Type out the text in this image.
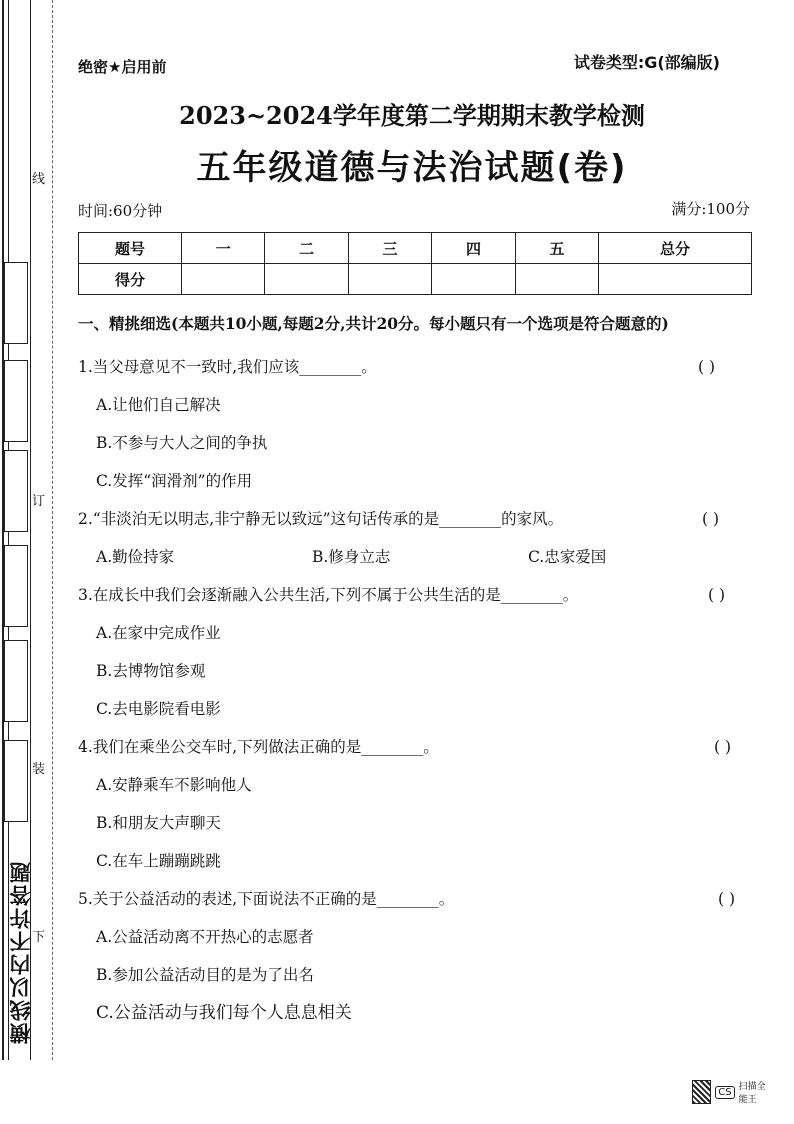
线
订
装
下
横线以内不许答题
绝密★启用前	试卷类型:G(部编版)
2023~2024学年度第二学期期末教学检测
五年级道德与法治试题(卷)
时间:60分钟	满分:100分
题号	一	二	三	四	五	总分
得分						
一、精挑细选(本题共10小题,每题2分,共计20分。每小题只有一个选项是符合题意的)
1.当父母意见不一致时,我们应该________。	( )
A.让他们自己解决
B.不参与大人之间的争执
C.发挥“润滑剂”的作用
2.“非淡泊无以明志,非宁静无以致远”这句话传承的是________的家风。	( )
A.勤俭持家	B.修身立志	C.忠家爱国
3.在成长中我们会逐渐融入公共生活,下列不属于公共生活的是________。	( )
A.在家中完成作业
B.去博物馆参观
C.去电影院看电影
4.我们在乘坐公交车时,下列做法正确的是________。	( )
A.安静乘车不影响他人
B.和朋友大声聊天
C.在车上蹦蹦跳跳
5.关于公益活动的表述,下面说法不正确的是________。	( )
A.公益活动离不开热心的志愿者
B.参加公益活动目的是为了出名
C.公益活动与我们每个人息息相关
CS 扫描全能王
